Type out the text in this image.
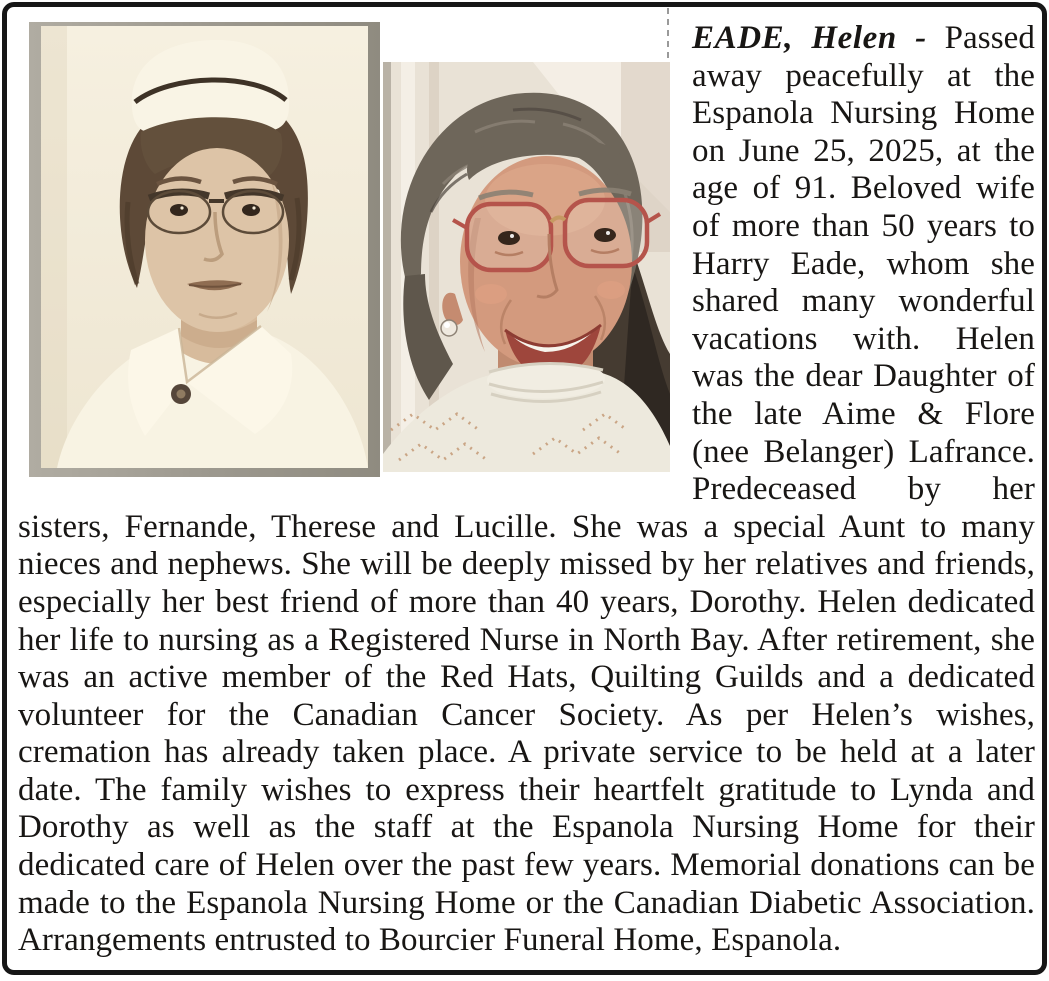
EADE, Helen - Passed away peacefully at the Espanola Nursing Home on June 25, 2025, at the age of 91. Beloved wife of more than 50 years to Harry Eade, whom she shared many wonderful vacations with. Helen was the dear Daughter of the late Aime & Flore (nee Belanger) Lafrance. Predeceased by her sisters, Fernande, Therese and Lucille. She was a special Aunt to many nieces and nephews. She will be deeply missed by her relatives and friends, especially her best friend of more than 40 years, Dorothy. Helen dedicated her life to nursing as a Registered Nurse in North Bay. After retirement, she was an active member of the Red Hats, Quilting Guilds and a dedicated volunteer for the Canadian Cancer Society. As per Helen’s wishes, cremation has already taken place. A private service to be held at a later date. The family wishes to express their heartfelt gratitude to Lynda and Dorothy as well as the staff at the Espanola Nursing Home for their dedicated care of Helen over the past few years. Memorial donations can be made to the Espanola Nursing Home or the Canadian Diabetic Association. Arrangements entrusted to Bourcier Funeral Home, Espanola.
